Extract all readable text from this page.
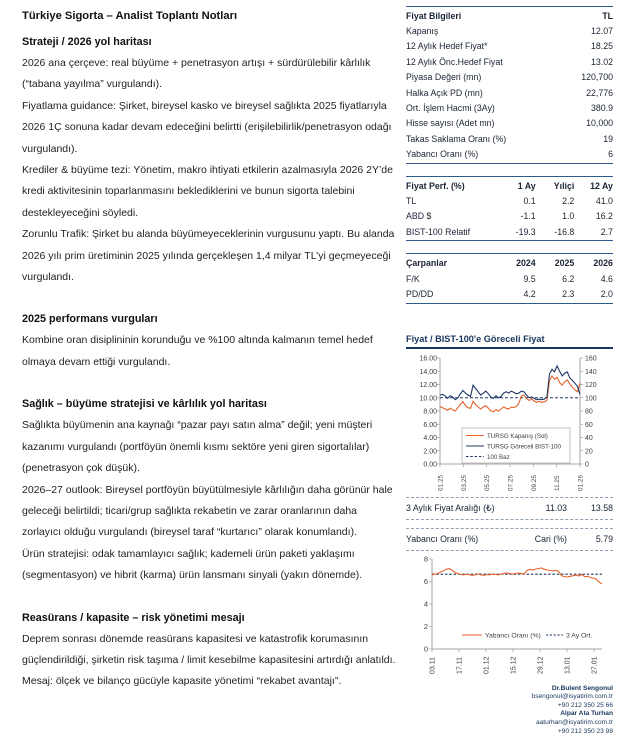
Türkiye Sigorta – Analist Toplantı Notları
Strateji / 2026 yol haritası

2026 ana çerçeve: real büyüme + penetrasyon artışı + sürdürülebilir kârlılık (“tabana yayılma” vurgulandı).

Fiyatlama guidance: Şirket, bireysel kasko ve bireysel sağlıkta 2025 fiyatlarıyla 2026 1Ç sonuna kadar devam edeceğini belirtti (erişilebilirlik/penetrasyon odağı vurgulandı).

Krediler & büyüme tezi: Yönetim, makro ihtiyati etkilerin azalmasıyla 2026 2Y’de kredi aktivitesinin toparlanmasını beklediklerini ve bunun sigorta talebini destekleyeceğini söyledi.

Zorunlu Trafik: Şirket bu alanda büyümeyeceklerinin vurgusunu yaptı. Bu alanda 2026 yılı prim üretiminin 2025 yılında gerçekleşen 1,4 milyar TL’yi geçmeyeceği vurgulandı.

2025 performans vurguları

Kombine oran disiplininin korunduğu ve %100 altında kalmanın temel hedef olmaya devam ettiği vurgulandı.

Sağlık – büyüme stratejisi ve kârlılık yol haritası

Sağlıkta büyümenin ana kaynağı “pazar payı satın alma” değil; yeni müşteri kazanımı vurgulandı (portföyün önemli kısmı sektöre yeni giren sigortalılar) (penetrasyon çok düşük).

2026–27 outlook: Bireysel portföyün büyütülmesiyle kârlılığın daha görünür hale geleceği belirtildi; ticari/grup sağlıkta rekabetin ve zarar oranlarının daha zorlayıcı olduğu vurgulandı (bireysel taraf “kurtarıcı” olarak konumlandı).

Ürün stratejisi: odak tamamlayıcı sağlık; kademeli ürün paketi yaklaşımı (segmentasyon) ve hibrit (karma) ürün lansmanı sinyali (yakın dönemde).

Reasürans / kapasite – risk yönetimi mesajı

Deprem sonrası dönemde reasürans kapasitesi ve katastrofik korumasının güçlendirildiği, şirketin risk taşıma / limit kesebilme kapasitesini artırdığı anlatıldı.

Mesaj: ölçek ve bilanço gücüyle kapasite yönetimi “rekabet avantajı”.

Fiyat Bilgileri	TL
Kapanış	12.07
12 Aylık Hedef Fiyat*	18.25
12 Aylık Önc.Hedef Fiyat	13.02
Piyasa Değeri (mn)	120,700
Halka Açık PD (mn)	22,776
Ort. İşlem Hacmi (3Ay)	380.9
Hisse sayısı (Adet mn)	10,000
Takas Saklama Oranı (%)	19
Yabancı Oranı (%)	6
Fiyat Perf. (%)	1 Ay	Yıliçi	12 Ay
TL	0.1	2.2	41.0
ABD $	-1.1	1.0	16.2
BIST-100 Relatif	-19.3	-16.8	2.7
Çarpanlar	2024	2025	2026
F/K	9.5	6.2	4.6
PD/DD	4.2	2.3	2.0
Fiyat / BIST-100'e Göreceli Fiyat
16.00
14.00
12.00
10.00
8.00
6.00
4.00
2.00
0.00
160
140
120
100
80
60
40
20
0
TURSG Kapanış (Sol)
TURSG Göreceli BIST-100
100 Baz
01.25	03.25	05.25	07.25	09.25	11.25	01.26
3 Aylık Fiyat Aralığı (₺)	11.03	13.58
Yabancı Oranı (%)	Cari (%)	5.79
8
6
4
2
0
Yabancı Oranı (%)	3 Ay Ort.
03.11	17.11	01.12	15.12	29.12	13.01	27.01
Dr.Bulent Sengonul
bsengonul@isyatirim.com.tr
+90 212 350 25 66
Alpar Ata Turhan
aaturhan@isyatirim.com.tr
+90 212 350 23 98
